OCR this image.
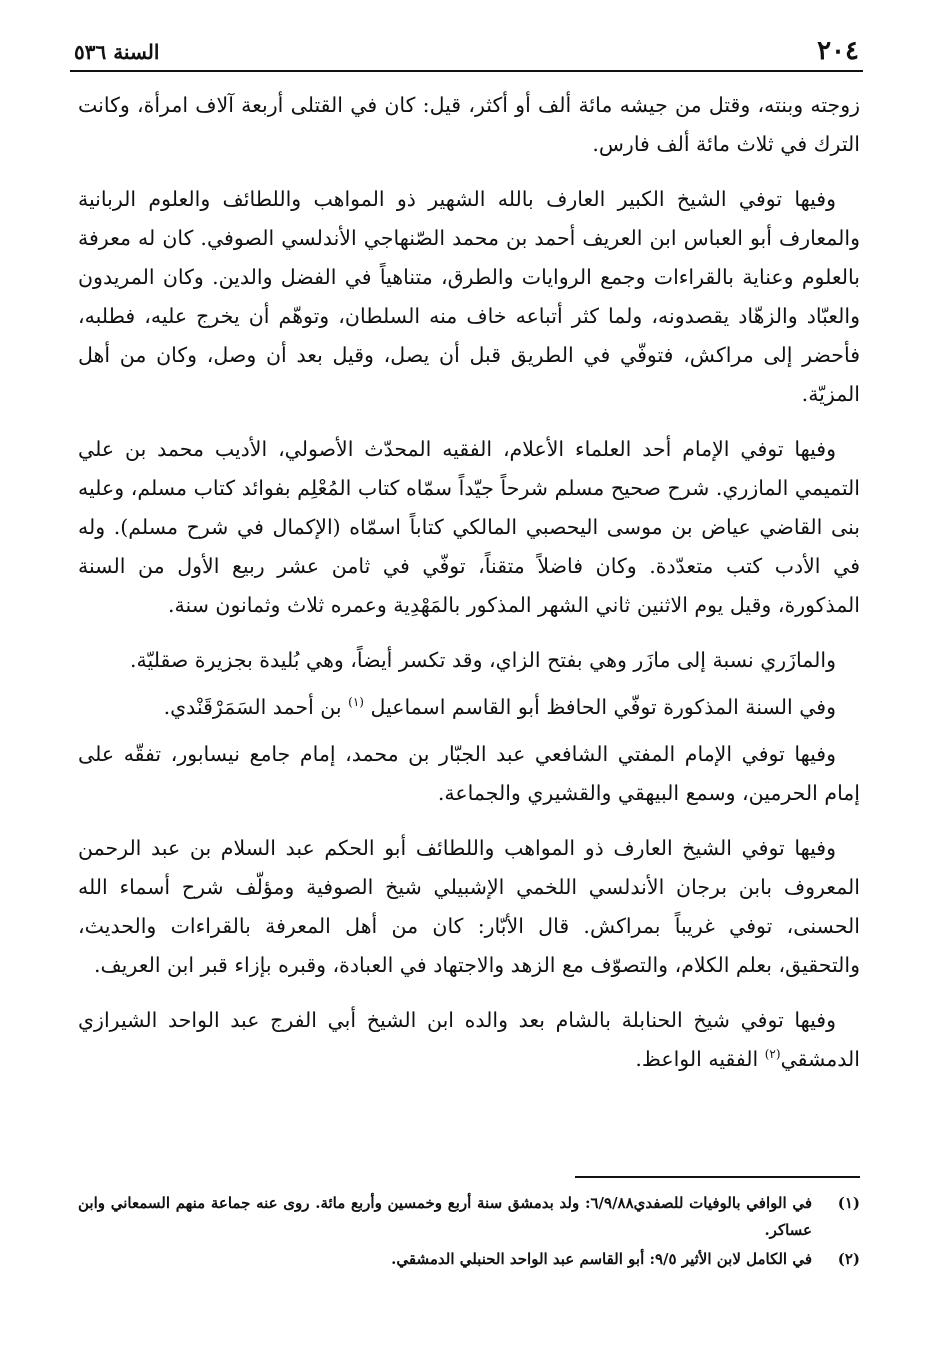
السنة ٥٣٦	٢٠٤

زوجته وبنته، وقتل من جيشه مائة ألف أو أكثر، قيل: كان في القتلى أربعة آلاف امرأة، وكانت الترك في ثلاث مائة ألف فارس.

وفيها توفي الشيخ الكبير العارف بالله الشهير ذو المواهب واللطائف والعلوم الربانية والمعارف أبو العباس ابن العريف أحمد بن محمد الصّنهاجي الأندلسي الصوفي. كان له معرفة بالعلوم وعناية بالقراءات وجمع الروايات والطرق، متناهياً في الفضل والدين. وكان المريدون والعبّاد والزهّاد يقصدونه، ولما كثر أتباعه خاف منه السلطان، وتوهّم أن يخرج عليه، فطلبه، فأحضر إلى مراكش، فتوفّي في الطريق قبل أن يصل، وقيل بعد أن وصل، وكان من أهل المزيّة.

وفيها توفي الإمام أحد العلماء الأعلام، الفقيه المحدّث الأصولي، الأديب محمد بن علي التميمي المازري. شرح صحيح مسلم شرحاً جيّداً سمّاه كتاب المُعْلِم بفوائد كتاب مسلم، وعليه بنى القاضي عياض بن موسى اليحصبي المالكي كتاباً اسمّاه (الإكمال في شرح مسلم). وله في الأدب كتب متعدّدة. وكان فاضلاً متقناً، توفّي في ثامن عشر ربيع الأول من السنة المذكورة، وقيل يوم الاثنين ثاني الشهر المذكور بالمَهْدِية وعمره ثلاث وثمانون سنة.

والمازَري نسبة إلى مازَر وهي بفتح الزاي، وقد تكسر أيضاً، وهي بُليدة بجزيرة صقليّة.

وفي السنة المذكورة توفّي الحافظ أبو القاسم اسماعيل $^{(١)}$ بن أحمد السَمَرْقَنْدي.

وفيها توفي الإمام المفتي الشافعي عبد الجبّار بن محمد، إمام جامع نيسابور، تفقّه على إمام الحرمين، وسمع البيهقي والقشيري والجماعة.

وفيها توفي الشيخ العارف ذو المواهب واللطائف أبو الحكم عبد السلام بن عبد الرحمن المعروف بابن برجان الأندلسي اللخمي الإشبيلي شيخ الصوفية ومؤلّف شرح أسماء الله الحسنى، توفي غريباً بمراكش. قال الأبّار: كان من أهل المعرفة بالقراءات والحديث، والتحقيق، بعلم الكلام، والتصوّف مع الزهد والاجتهاد في العبادة، وقبره بإزاء قبر ابن العريف.

وفيها توفي شيخ الحنابلة بالشام بعد والده ابن الشيخ أبي الفرج عبد الواحد الشيرازي الدمشقي$^{(٢)}$ الفقيه الواعظ.

(١)
في الوافي بالوفيات للصفدي٦/٩/٨٨: ولد بدمشق سنة أربع وخمسين وأربع مائة. روى عنه جماعة منهم السمعاني وابن عساكر.
(٢)
في الكامل لابن الأثير ٩/٥: أبو القاسم عبد الواحد الحنبلي الدمشقي.
